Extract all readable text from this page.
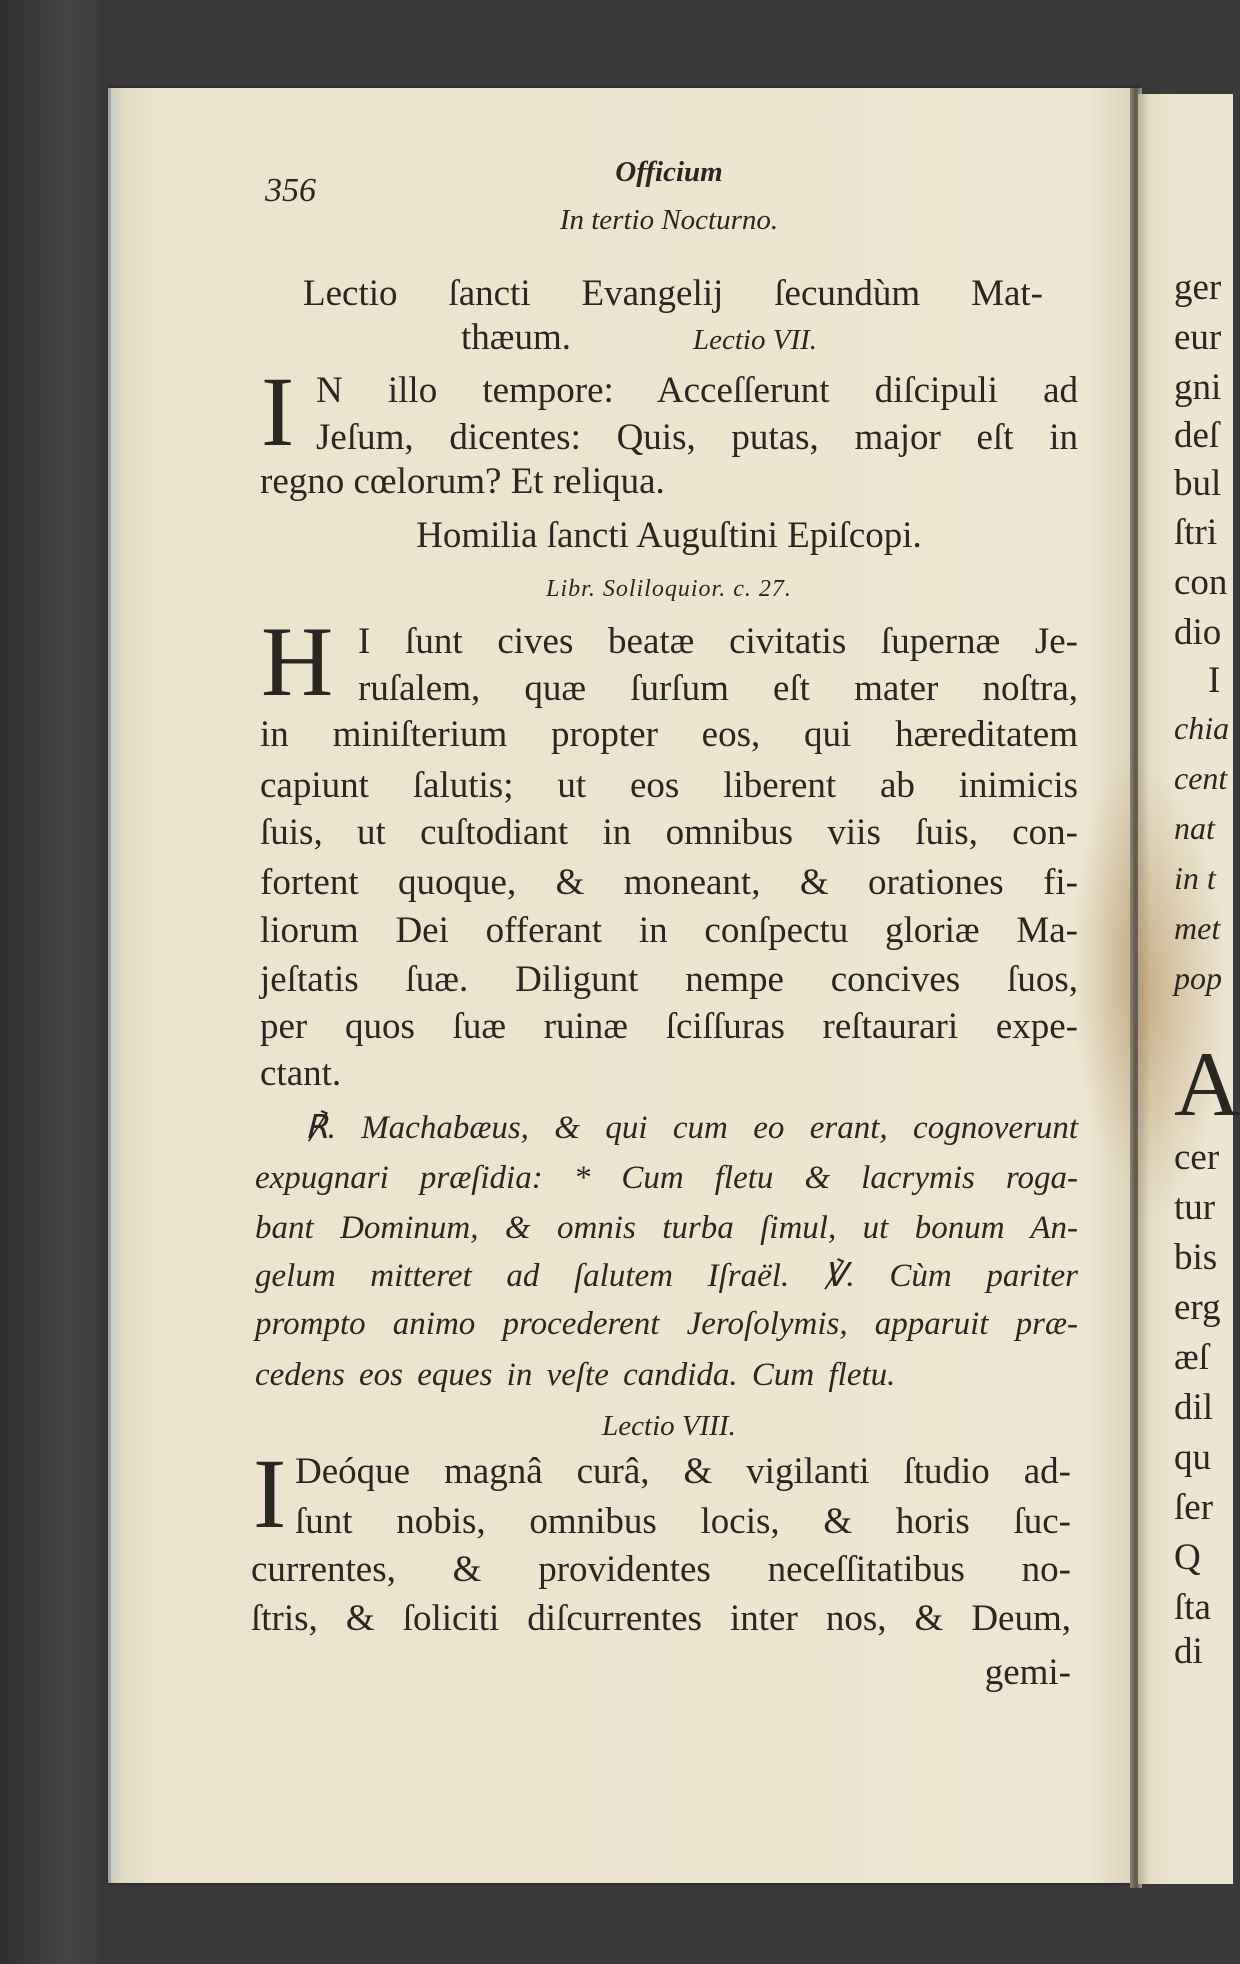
356	Officium
In tertio Nocturno.
Lectio ſancti Evangelij ſecundùm Mat-
thæum.	Lectio VII.
I N illo tempore: Acceſſerunt diſcipuli ad
Jeſum, dicentes: Quis, putas, major eſt in
regno cœlorum? Et reliqua.
Homilia ſancti Auguſtini Epiſcopi.
Libr. Soliloquior. c. 27.
H I ſunt cives beatæ civitatis ſupernæ Je-
ruſalem, quæ ſurſum eſt mater noſtra,
in miniſterium propter eos, qui hæreditatem
capiunt ſalutis; ut eos liberent ab inimicis
ſuis, ut cuſtodiant in omnibus viis ſuis, con-
fortent quoque, & moneant, & orationes fi-
liorum Dei offerant in conſpectu gloriæ Ma-
jeſtatis ſuæ. Diligunt nempe concives ſuos,
per quos ſuæ ruinæ ſciſſuras reſtaurari expe-
ctant.
℟. Machabæus, & qui cum eo erant, cognoverunt
expugnari præſidia: * Cum fletu & lacrymis roga-
bant Dominum, & omnis turba ſimul, ut bonum An-
gelum mitteret ad ſalutem Iſraël. ℣. Cùm pariter
prompto animo procederent Jeroſolymis, apparuit præ-
cedens eos eques in veſte candida. Cum fletu.
Lectio VIII.
I Deóque magnâ curâ, & vigilanti ſtudio ad-
ſunt nobis, omnibus locis, & horis ſuc-
currentes, & providentes neceſſitatibus no-
ſtris, & ſoliciti diſcurrentes inter nos, & Deum,
gemi-
ger
eur
gni
deſ
bul
ſtri
con
dio
I
chia
cent
nat
in t
met
pop
A
cer
tur
bis
erg
æſ
dil
qu
ſer
Q
ſta
di
